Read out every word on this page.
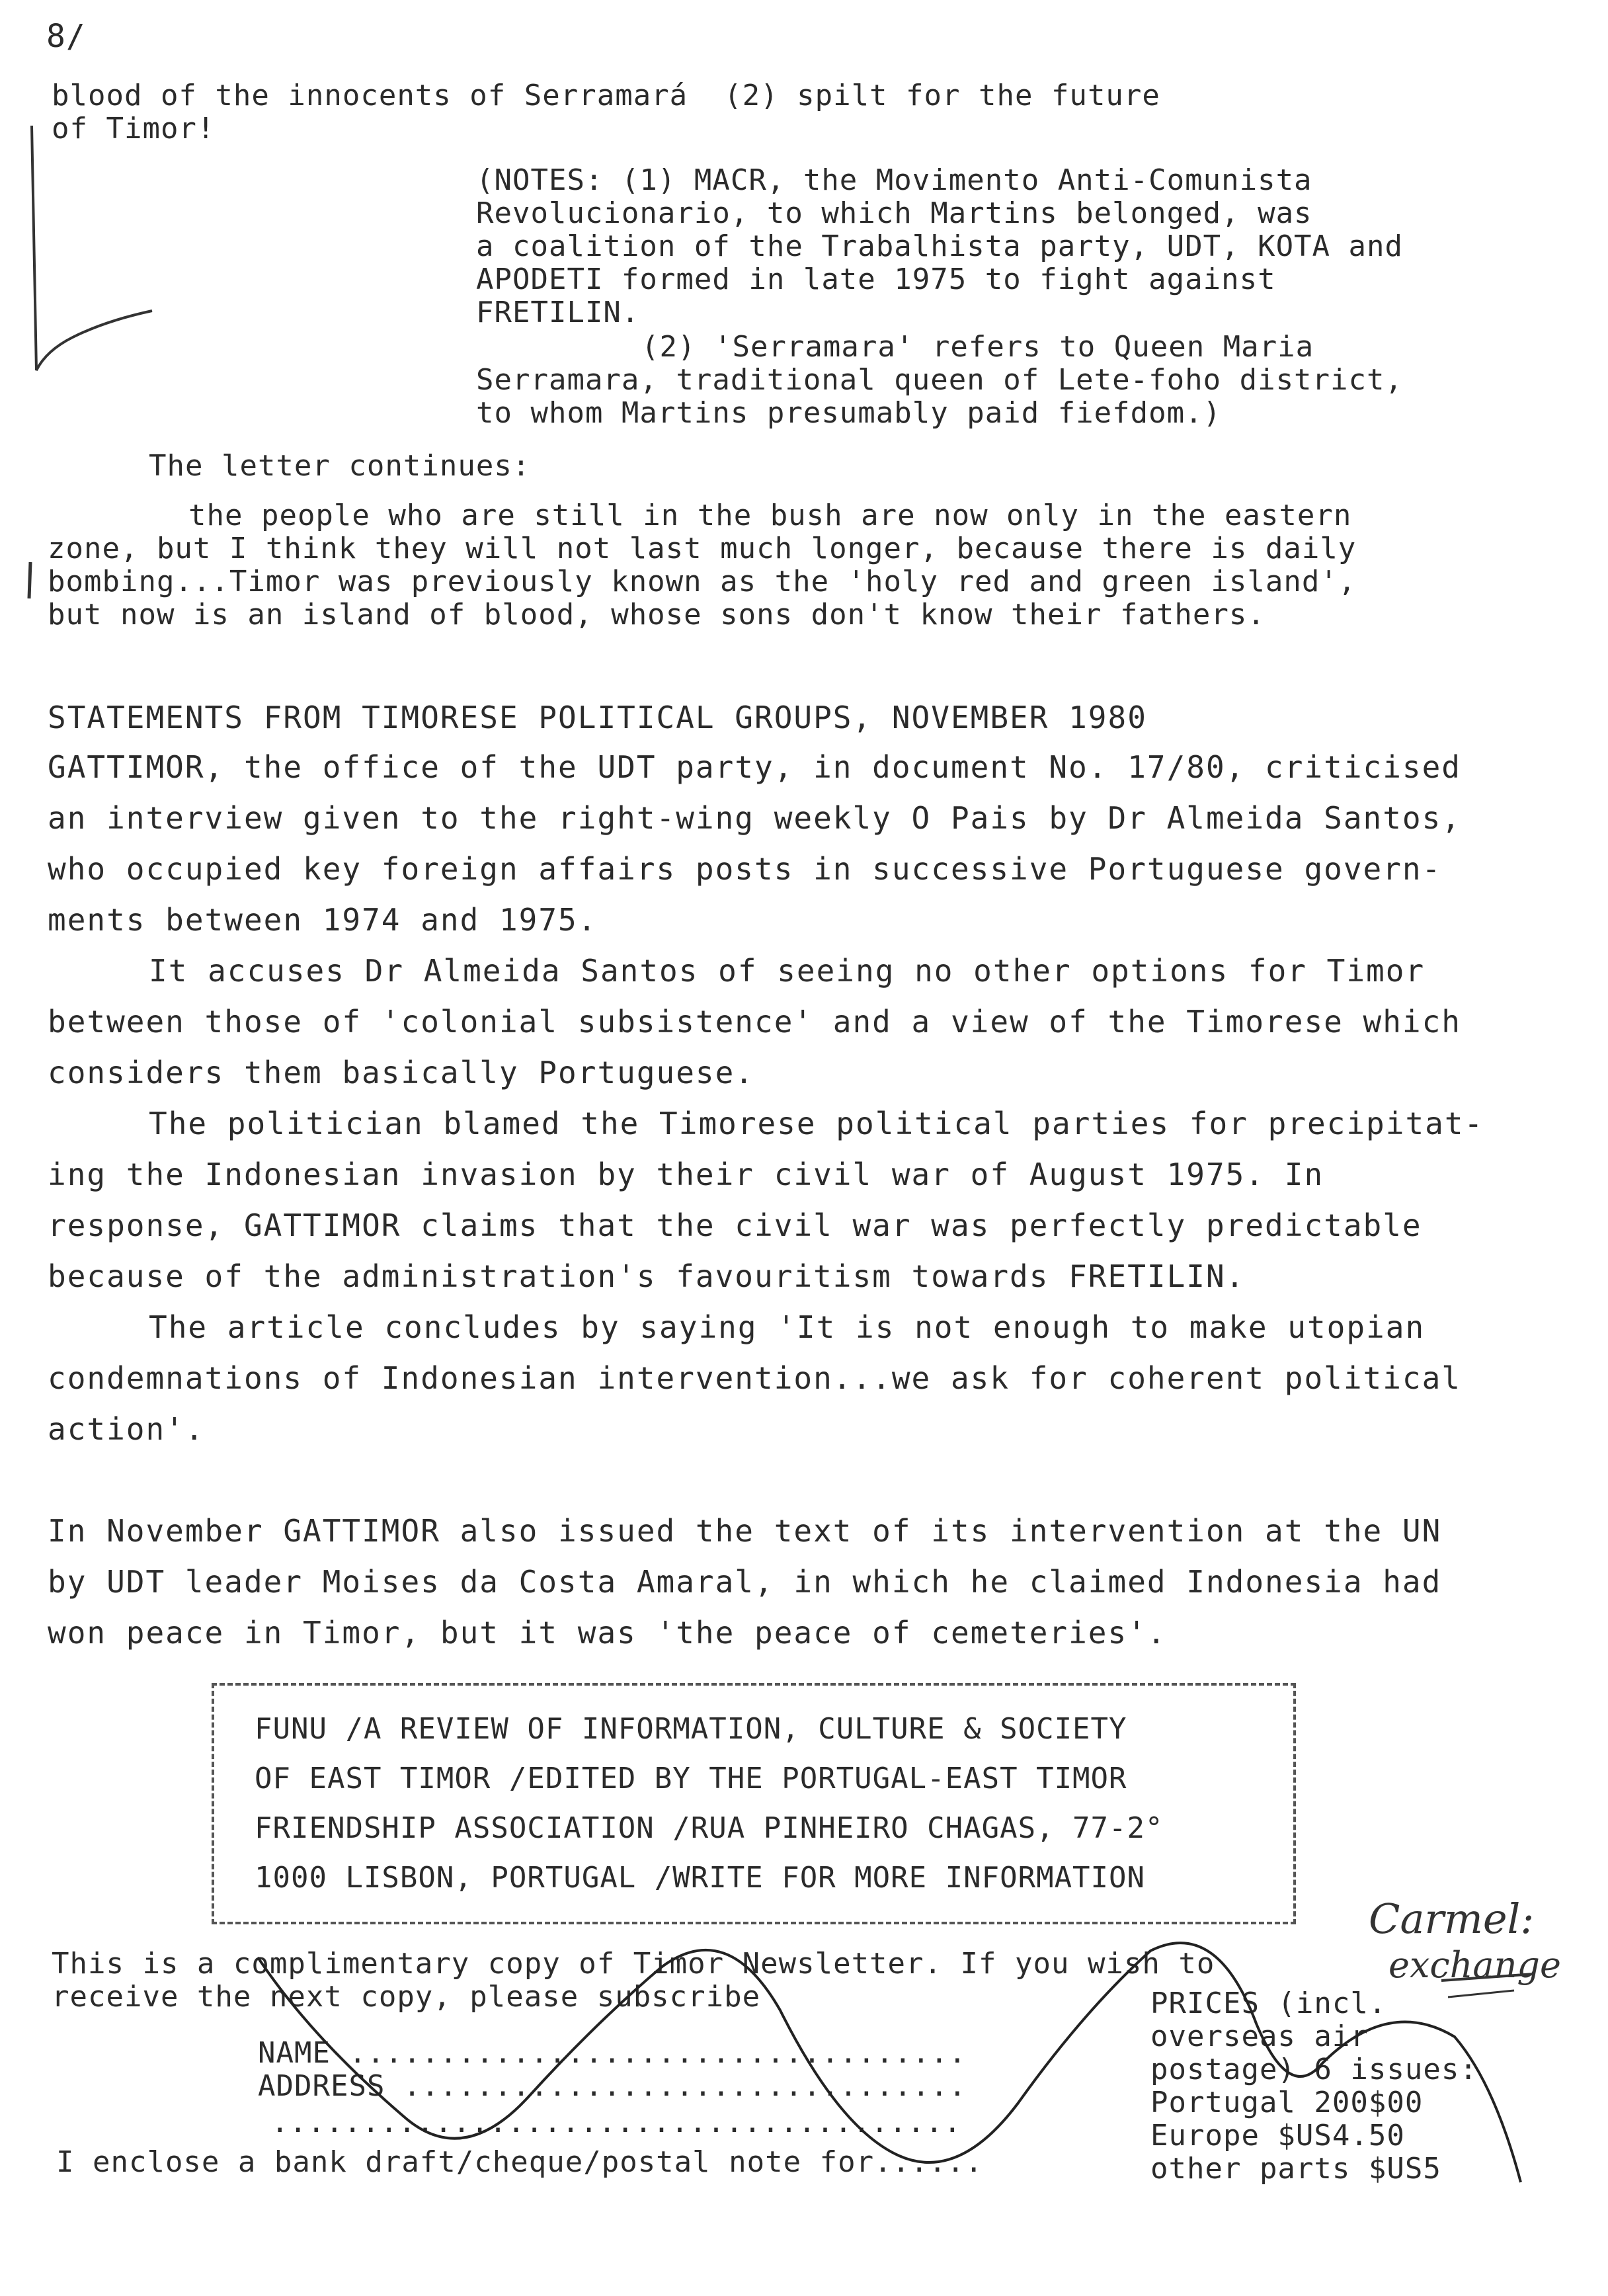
8/
blood of the innocents of Serramará  (2) spilt for the future
of Timor!
(NOTES: (1) MACR, the Movimento Anti-Comunista
Revolucionario, to which Martins belonged, was
a coalition of the Trabalhista party, UDT, KOTA and
APODETI formed in late 1975 to fight against
FRETILIN.
(2) 'Serramara' refers to Queen Maria
Serramara, traditional queen of Lete-foho district,
to whom Martins presumably paid fiefdom.)
The letter continues:
the people who are still in the bush are now only in the eastern
zone, but I think they will not last much longer, because there is daily
bombing...Timor was previously known as the 'holy red and green island',
but now is an island of blood, whose sons don't know their fathers.
STATEMENTS FROM TIMORESE POLITICAL GROUPS, NOVEMBER 1980
GATTIMOR, the office of the UDT party, in document No. 17/80, criticised
an interview given to the right-wing weekly O Pais by Dr Almeida Santos,
who occupied key foreign affairs posts in successive Portuguese govern-
ments between 1974 and 1975.
It accuses Dr Almeida Santos of seeing no other options for Timor
between those of 'colonial subsistence' and a view of the Timorese which
considers them basically Portuguese.
The politician blamed the Timorese political parties for precipitat-
ing the Indonesian invasion by their civil war of August 1975. In
response, GATTIMOR claims that the civil war was perfectly predictable
because of the administration's favouritism towards FRETILIN.
The article concludes by saying 'It is not enough to make utopian
condemnations of Indonesian intervention...we ask for coherent political
action'.
In November GATTIMOR also issued the text of its intervention at the UN
by UDT leader Moises da Costa Amaral, in which he claimed Indonesia had
won peace in Timor, but it was 'the peace of cemeteries'.
FUNU /A REVIEW OF INFORMATION, CULTURE & SOCIETY
OF EAST TIMOR /EDITED BY THE PORTUGAL-EAST TIMOR
FRIENDSHIP ASSOCIATION /RUA PINHEIRO CHAGAS, 77-2°
1000 LISBON, PORTUGAL /WRITE FOR MORE INFORMATION
This is a complimentary copy of Timor Newsletter. If you wish to
receive the next copy, please subscribe
NAME ..................................
ADDRESS ...............................
......................................
I enclose a bank draft/cheque/postal note for......
PRICES (incl.
overseas air
postage) 6 issues:
Portugal 200$00
Europe $US4.50
other parts $US5
Carmel:
exchange
